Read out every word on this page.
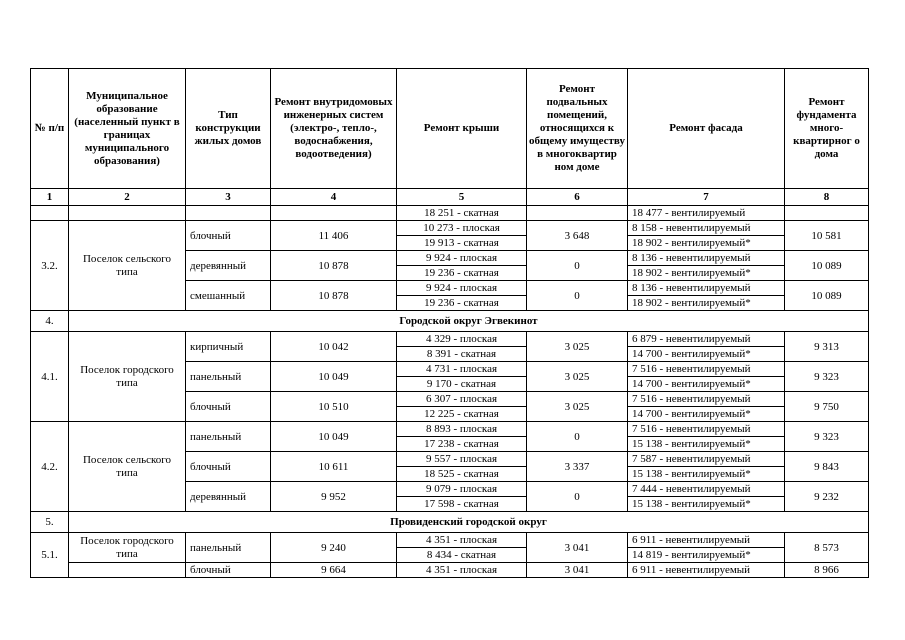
№ п/п	Муниципальное образование (населенный пункт в границах муниципального образования)	Тип конструкции жилых домов	Ремонт внутридомовых инженерных систем (электро-, тепло-, водоснабжения, водоотведения)	Ремонт крыши	Ремонт подвальных помещений, относящихся к общему имуществу в многоквартир ном доме	Ремонт фасада	Ремонт фундамента много-квартирног о дома
1	2	3	4	5	6	7	8
				18 251 - скатная		18 477 - вентилируемый	
3.2.	Поселок сельского типа	блочный	11 406	10 273 - плоская	3 648	8 158 - невентилируемый	10 581
				19 913 - скатная		18 902 - вентилируемый*	
		деревянный	10 878	9 924 - плоская	0	8 136 - невентилируемый	10 089
				19 236 - скатная		18 902 - вентилируемый*	
		смешанный	10 878	9 924 - плоская	0	8 136 - невентилируемый	10 089
				19 236 - скатная		18 902 - вентилируемый*	
4.	Городской округ Эгвекинот						
4.1.	Поселок городского типа	кирпичный	10 042	4 329 - плоская	3 025	6 879 - невентилируемый	9 313
				8 391 - скатная		14 700 - вентилируемый*	
		панельный	10 049	4 731 - плоская	3 025	7 516 - невентилируемый	9 323
				9 170 - скатная		14 700 - вентилируемый*	
		блочный	10 510	6 307 - плоская	3 025	7 516 - невентилируемый	9 750
				12 225 - скатная		14 700 - вентилируемый*	
4.2.	Поселок сельского типа	панельный	10 049	8 893 - плоская	0	7 516 - невентилируемый	9 323
				17 238 - скатная		15 138 - вентилируемый*	
		блочный	10 611	9 557 - плоская	3 337	7 587 - невентилируемый	9 843
				18 525 - скатная		15 138 - вентилируемый*	
		деревянный	9 952	9 079 - плоская	0	7 444 - невентилируемый	9 232
				17 598 - скатная		15 138 - вентилируемый*	
5.	Провиденский городской округ						
5.1.	Поселок городского типа	панельный	9 240	4 351 - плоская	3 041	6 911 - невентилируемый	8 573
				8 434 - скатная		14 819 - вентилируемый*	
		блочный	9 664	4 351 - плоская	3 041	6 911 - невентилируемый	8 966
